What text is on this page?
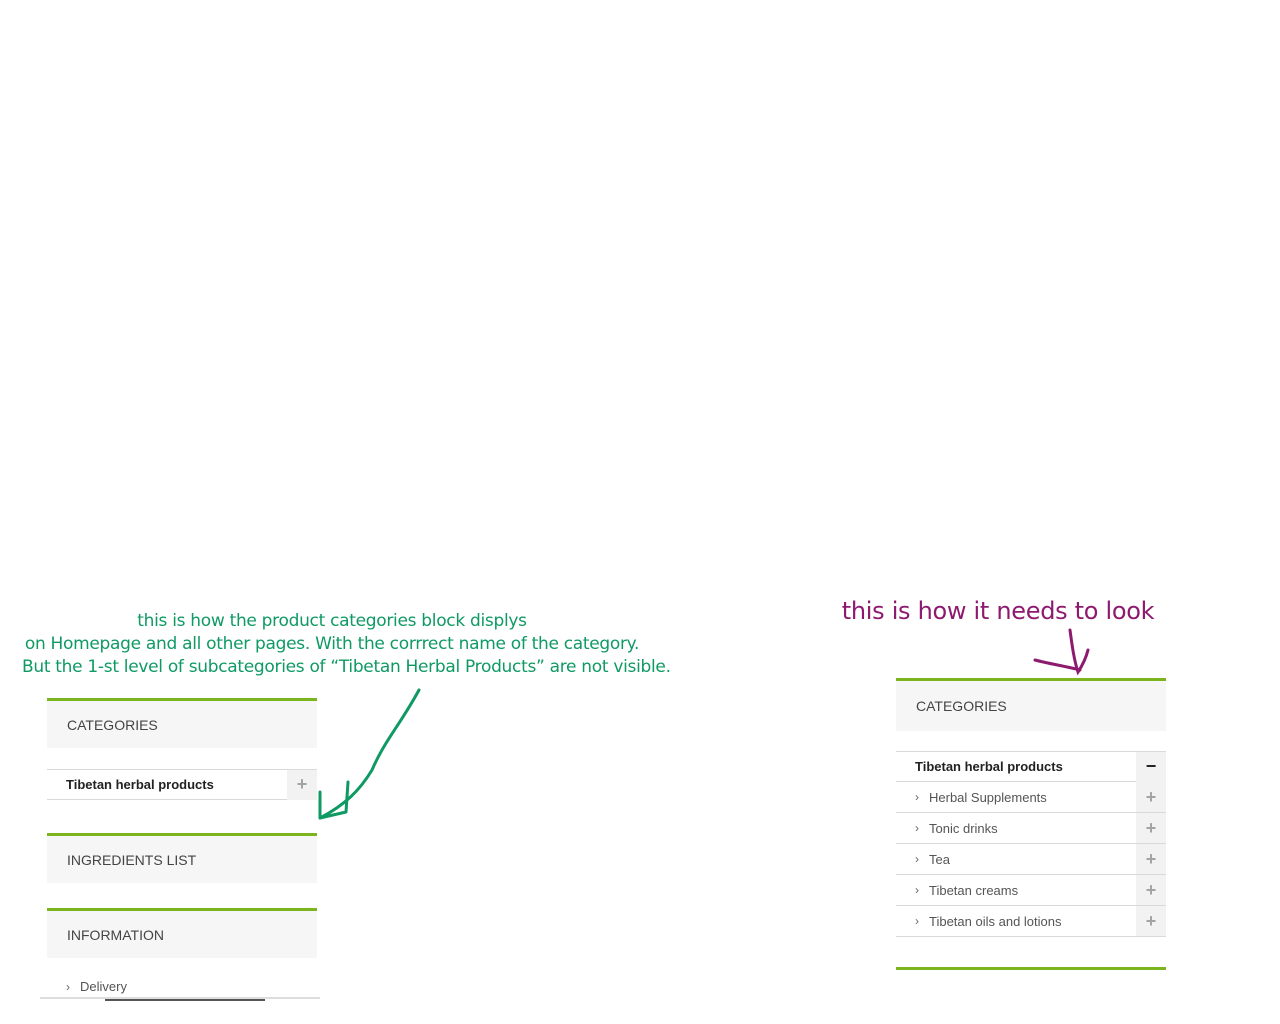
this is how the product categories block displys
on Homepage and all other pages. With the corrrect name of the category.
But the 1-st level of subcategories of “Tibetan Herbal Products” are not visible.
this is how it needs to look
CATEGORIES
Tibetan herbal products	+
INGREDIENTS LIST
INFORMATION
› Delivery
CATEGORIES
Tibetan herbal products	−
› Herbal Supplements	+
› Tonic drinks	+
› Tea	+
› Tibetan creams	+
› Tibetan oils and lotions	+
